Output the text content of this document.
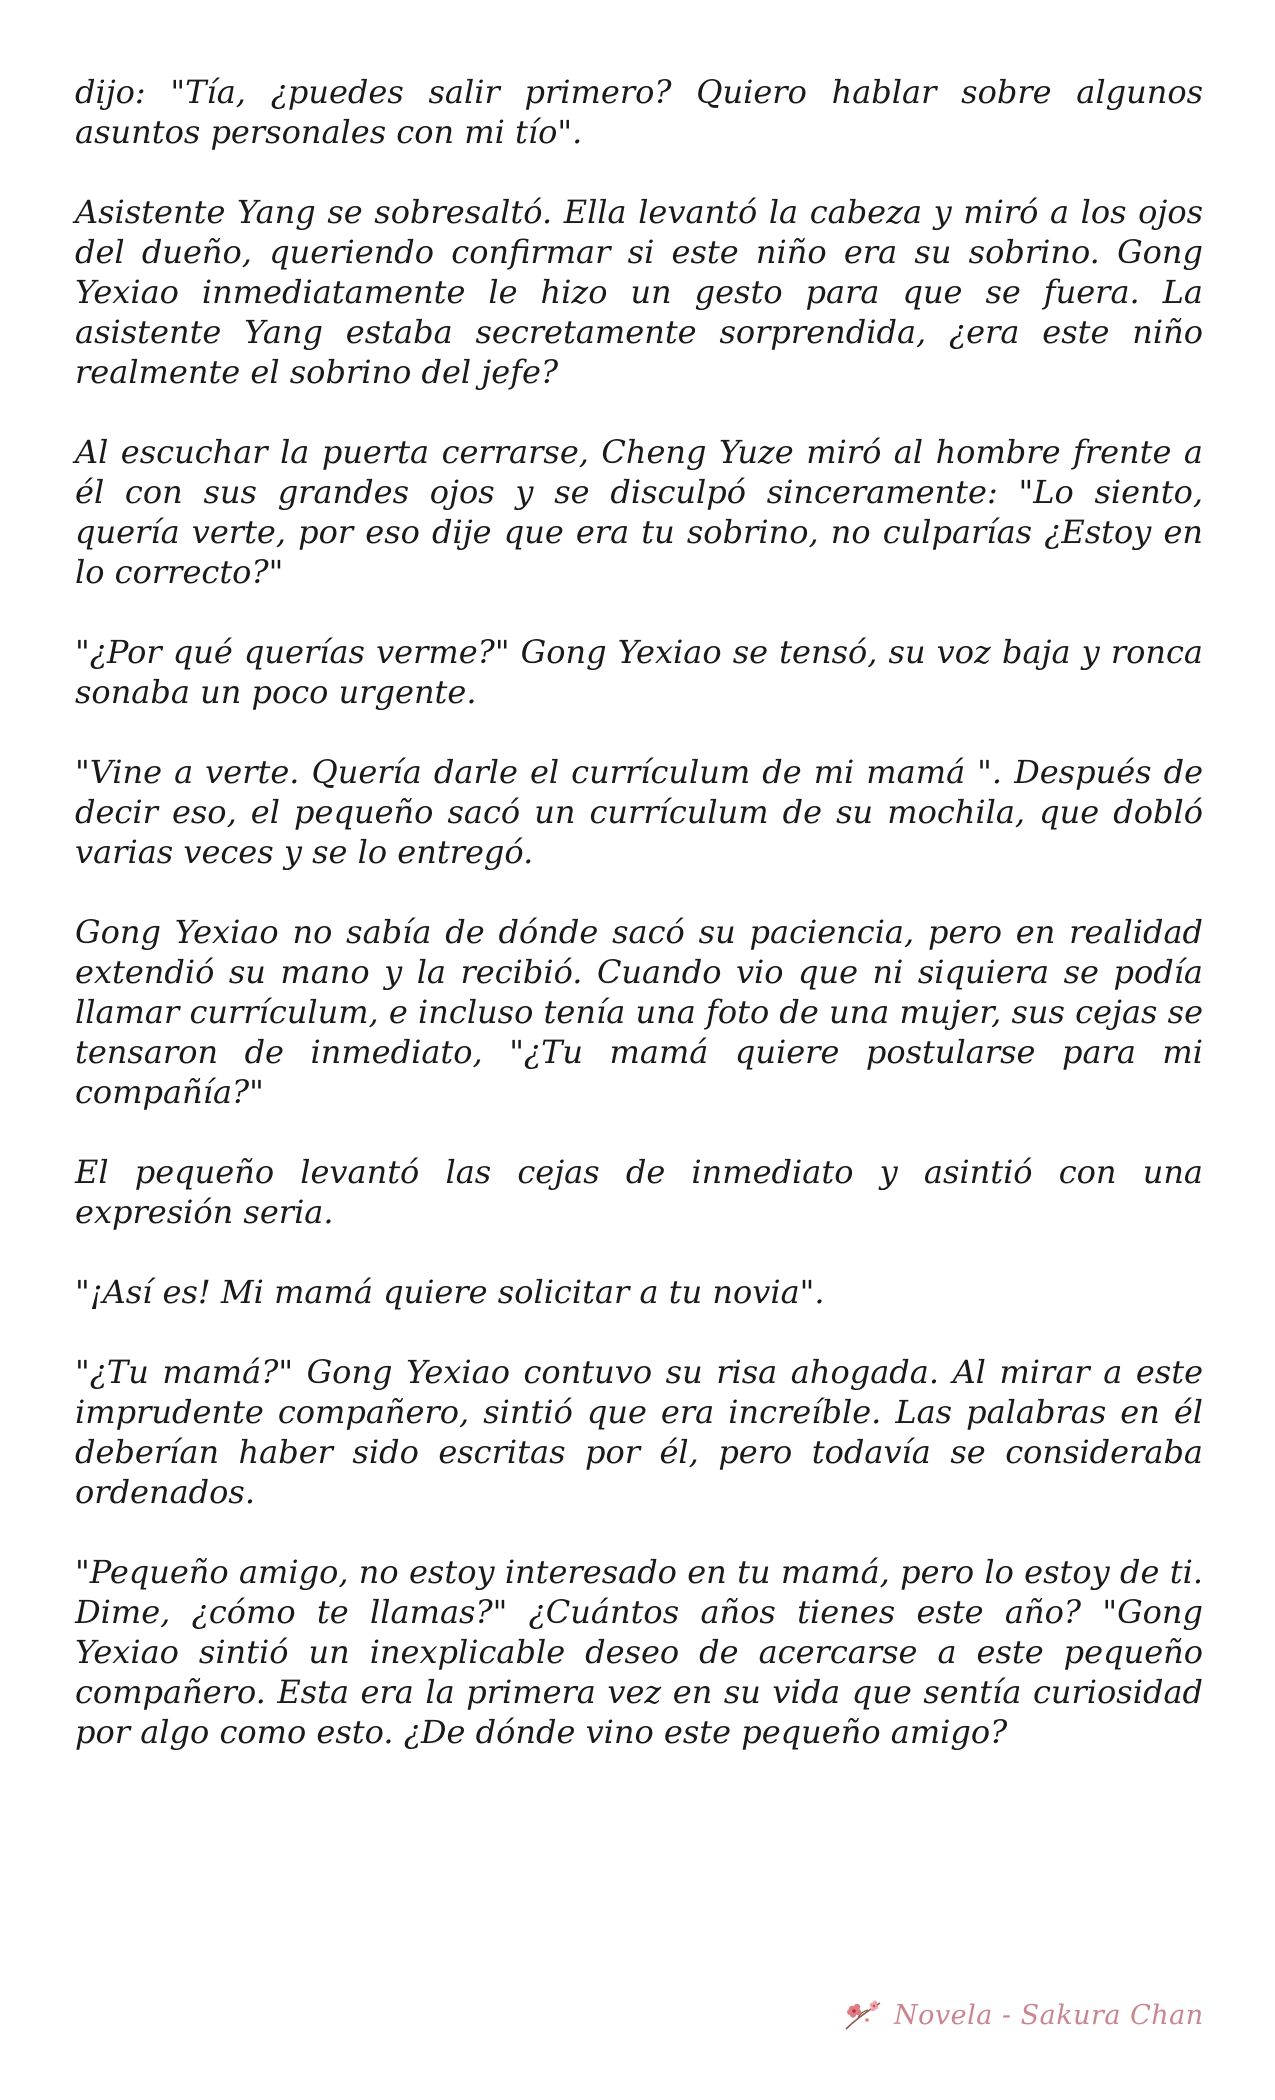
dijo: "Tía, ¿puedes salir primero? Quiero hablar sobre algunos asuntos personales con mi tío".

Asistente Yang se sobresaltó. Ella levantó la cabeza y miró a los ojos del dueño, queriendo confirmar si este niño era su sobrino. Gong Yexiao inmediatamente le hizo un gesto para que se fuera. La asistente Yang estaba secretamente sorprendida, ¿era este niño realmente el sobrino del jefe?

Al escuchar la puerta cerrarse, Cheng Yuze miró al hombre frente a él con sus grandes ojos y se disculpó sinceramente: "Lo siento, quería verte, por eso dije que era tu sobrino, no culparías ¿Estoy en lo correcto?"

"¿Por qué querías verme?" Gong Yexiao se tensó, su voz baja y ronca sonaba un poco urgente.

"Vine a verte. Quería darle el currículum de mi mamá ". Después de decir eso, el pequeño sacó un currículum de su mochila, que dobló varias veces y se lo entregó.

Gong Yexiao no sabía de dónde sacó su paciencia, pero en realidad extendió su mano y la recibió. Cuando vio que ni siquiera se podía llamar currículum, e incluso tenía una foto de una mujer, sus cejas se tensaron de inmediato, "¿Tu mamá quiere postularse para mi compañía?"

El pequeño levantó las cejas de inmediato y asintió con una expresión seria.

"¡Así es! Mi mamá quiere solicitar a tu novia".

"¿Tu mamá?" Gong Yexiao contuvo su risa ahogada. Al mirar a este imprudente compañero, sintió que era increíble. Las palabras en él deberían haber sido escritas por él, pero todavía se consideraba ordenados.

"Pequeño amigo, no estoy interesado en tu mamá, pero lo estoy de ti. Dime, ¿cómo te llamas?" ¿Cuántos años tienes este año? "Gong Yexiao sintió un inexplicable deseo de acercarse a este pequeño compañero. Esta era la primera vez en su vida que sentía curiosidad por algo como esto. ¿De dónde vino este pequeño amigo?

Novela - Sakura Chan
